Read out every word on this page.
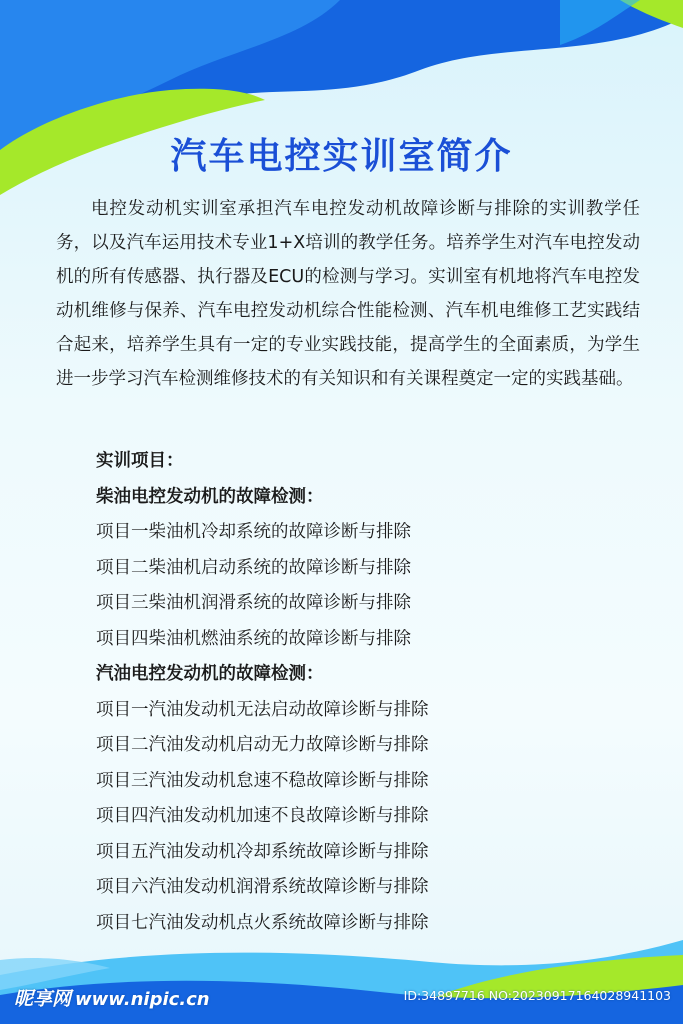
汽车电控实训室简介

电控发动机实训室承担汽车电控发动机故障诊断与排除的实训教学任务，以及汽车运用技术专业1+X培训的教学任务。培养学生对汽车电控发动机的所有传感器、执行器及ECU的检测与学习。实训室有机地将汽车电控发动机维修与保养、汽车电控发动机综合性能检测、汽车机电维修工艺实践结合起来，培养学生具有一定的专业实践技能，提高学生的全面素质，为学生进一步学习汽车检测维修技术的有关知识和有关课程奠定一定的实践基础。

实训项目：
柴油电控发动机的故障检测：
项目一柴油机冷却系统的故障诊断与排除
项目二柴油机启动系统的故障诊断与排除
项目三柴油机润滑系统的故障诊断与排除
项目四柴油机燃油系统的故障诊断与排除
汽油电控发动机的故障检测：
项目一汽油发动机无法启动故障诊断与排除
项目二汽油发动机启动无力故障诊断与排除
项目三汽油发动机怠速不稳故障诊断与排除
项目四汽油发动机加速不良故障诊断与排除
项目五汽油发动机冷却系统故障诊断与排除
项目六汽油发动机润滑系统故障诊断与排除
项目七汽油发动机点火系统故障诊断与排除
昵享网 www.nipic.cn	ID:34897716 NO:20230917164028941103
